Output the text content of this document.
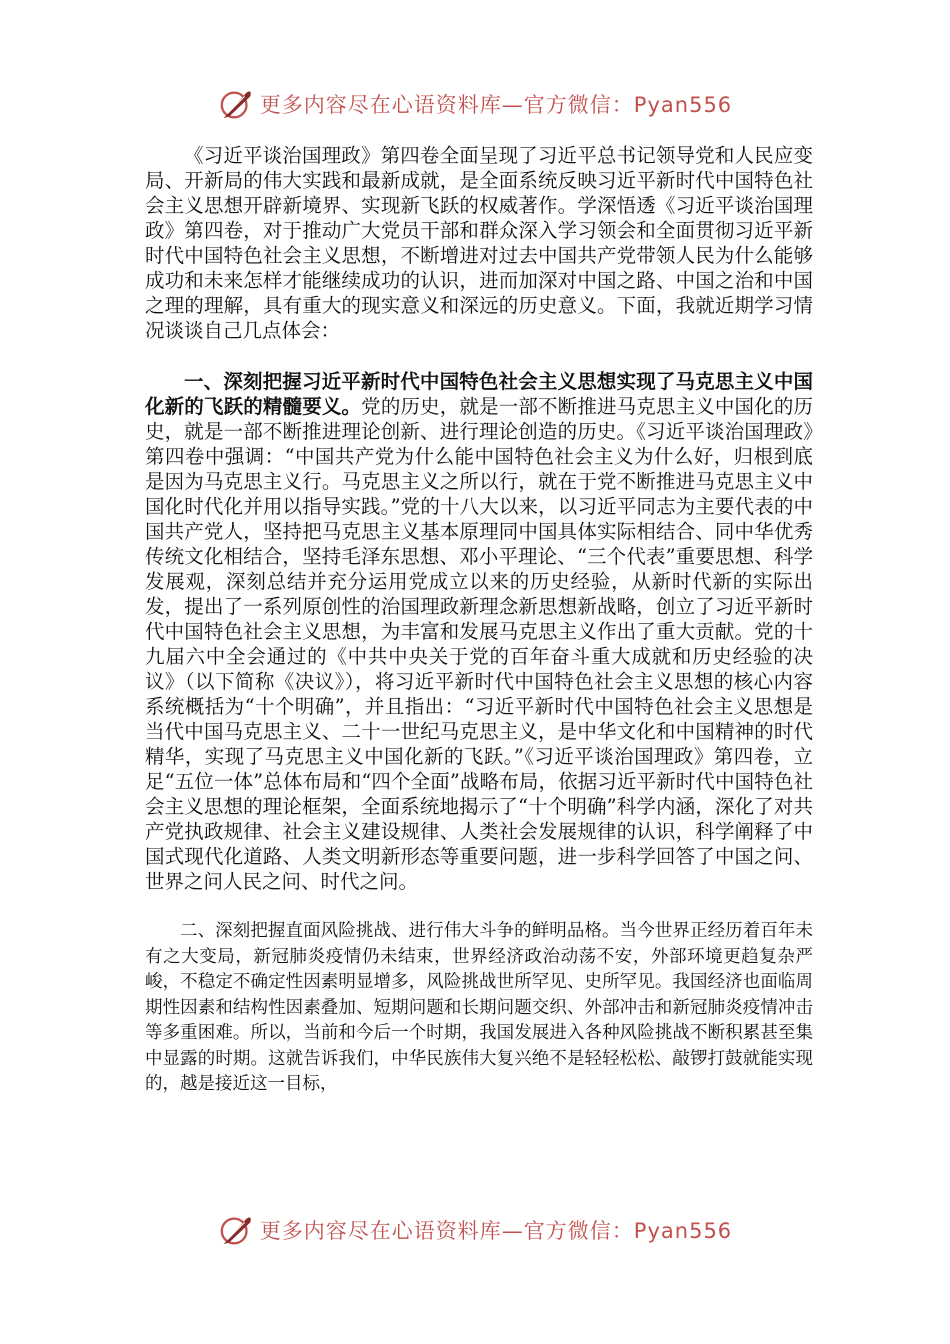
更多内容尽在心语资料库—官方微信：Pyan556

《习近平谈治国理政》第四卷全面呈现了习近平总书记领导党和人民应变局、开新局的伟大实践和最新成就，是全面系统反映习近平新时代中国特色社会主义思想开辟新境界、实现新飞跃的权威著作。学深悟透《习近平谈治国理政》第四卷，对于推动广大党员干部和群众深入学习领会和全面贯彻习近平新时代中国特色社会主义思想，不断增进对过去中国共产党带领人民为什么能够成功和未来怎样才能继续成功的认识，进而加深对中国之路、中国之治和中国之理的理解，具有重大的现实意义和深远的历史意义。下面，我就近期学习情况谈谈自己几点体会：

一、深刻把握习近平新时代中国特色社会主义思想实现了马克思主义中国化新的飞跃的精髓要义。党的历史，就是一部不断推进马克思主义中国化的历史，就是一部不断推进理论创新、进行理论创造的历史。《习近平谈治国理政》第四卷中强调：“中国共产党为什么能中国特色社会主义为什么好，归根到底是因为马克思主义行。马克思主义之所以行，就在于党不断推进马克思主义中国化时代化并用以指导实践。”党的十八大以来，以习近平同志为主要代表的中国共产党人，坚持把马克思主义基本原理同中国具体实际相结合、同中华优秀传统文化相结合，坚持毛泽东思想、邓小平理论、“三个代表”重要思想、科学发展观，深刻总结并充分运用党成立以来的历史经验，从新时代新的实际出发，提出了一系列原创性的治国理政新理念新思想新战略，创立了习近平新时代中国特色社会主义思想，为丰富和发展马克思主义作出了重大贡献。党的十九届六中全会通过的《中共中央关于党的百年奋斗重大成就和历史经验的决议》（以下简称《决议》），将习近平新时代中国特色社会主义思想的核心内容系统概括为“十个明确”，并且指出：“习近平新时代中国特色社会主义思想是当代中国马克思主义、二十一世纪马克思主义，是中华文化和中国精神的时代精华，实现了马克思主义中国化新的飞跃。”《习近平谈治国理政》第四卷，立足“五位一体”总体布局和“四个全面”战略布局，依据习近平新时代中国特色社会主义思想的理论框架，全面系统地揭示了“十个明确”科学内涵，深化了对共产党执政规律、社会主义建设规律、人类社会发展规律的认识，科学阐释了中国式现代化道路、人类文明新形态等重要问题，进一步科学回答了中国之问、世界之问人民之问、时代之问。

二、深刻把握直面风险挑战、进行伟大斗争的鲜明品格。当今世界正经历着百年未有之大变局，新冠肺炎疫情仍未结束，世界经济政治动荡不安，外部环境更趋复杂严峻，不稳定不确定性因素明显增多，风险挑战世所罕见、史所罕见。我国经济也面临周期性因素和结构性因素叠加、短期问题和长期问题交织、外部冲击和新冠肺炎疫情冲击等多重困难。所以，当前和今后一个时期，我国发展进入各种风险挑战不断积累甚至集中显露的时期。这就告诉我们，中华民族伟大复兴绝不是轻轻松松、敲锣打鼓就能实现的，越是接近这一目标，

更多内容尽在心语资料库—官方微信：Pyan556
